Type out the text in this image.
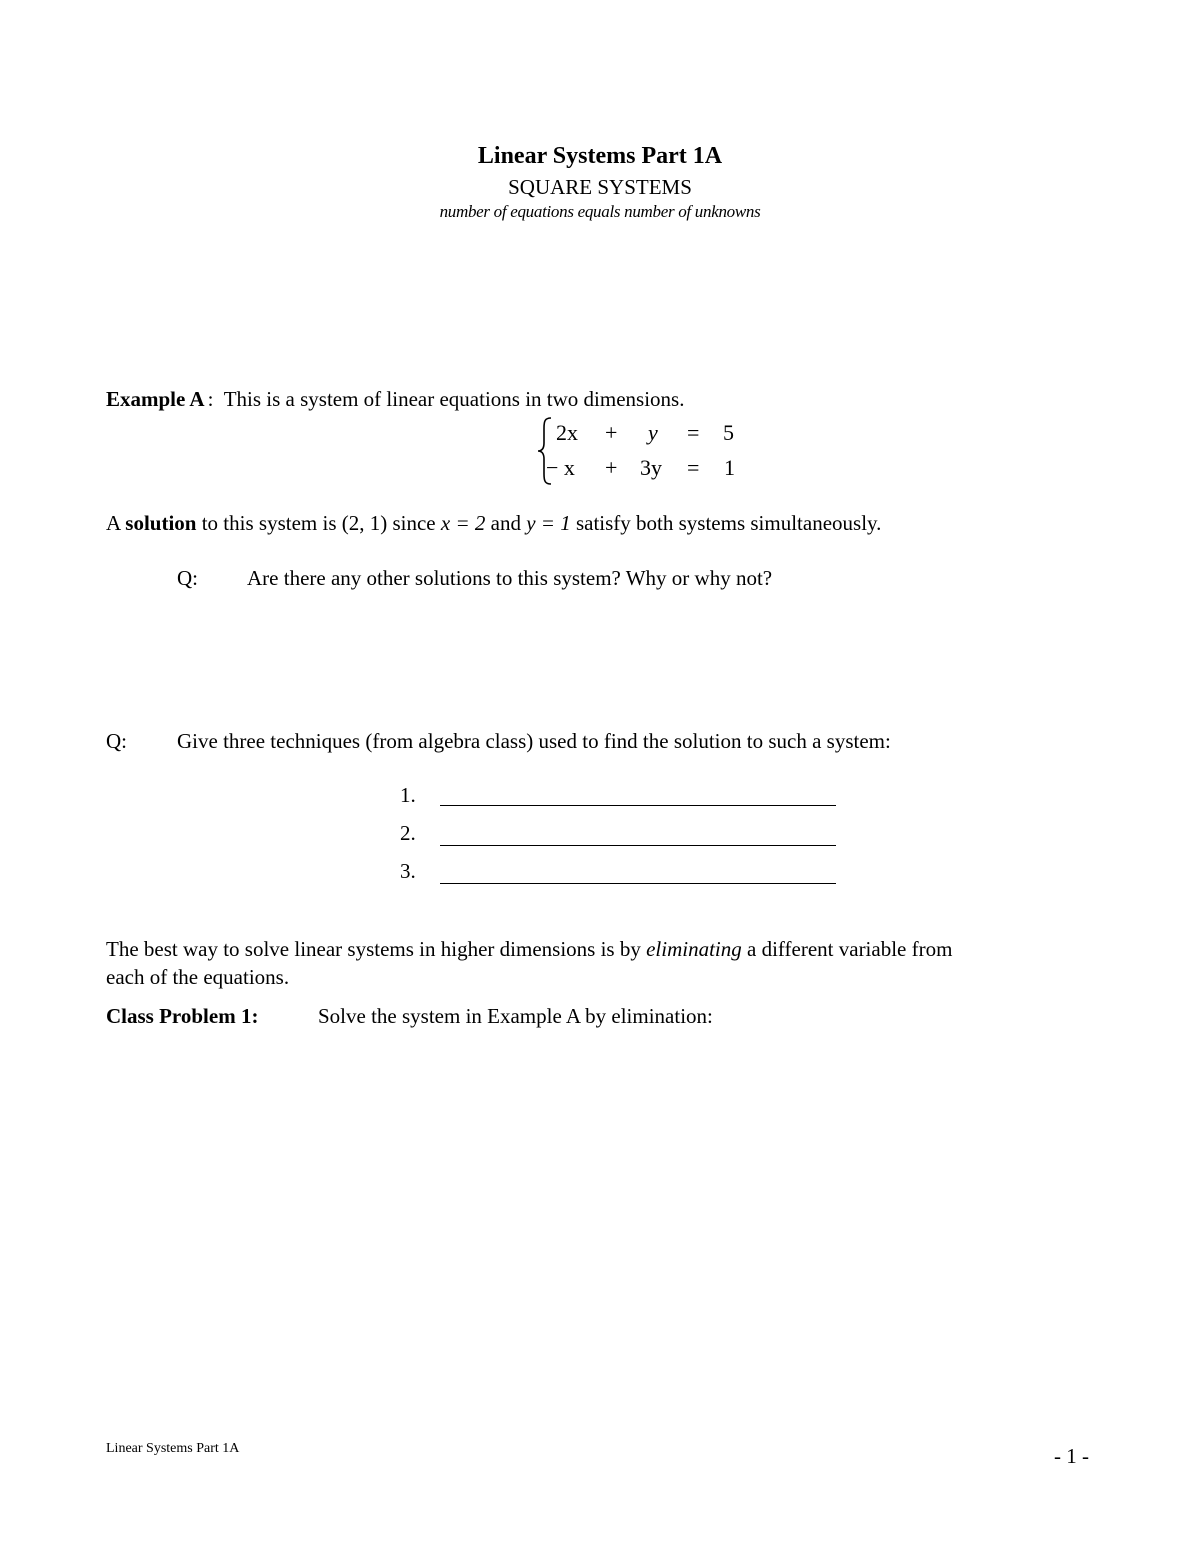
Linear Systems Part 1A
SQUARE SYSTEMS
number of equations equals number of unknowns
Example A : This is a system of linear equations in two dimensions.
2x + y = 5
− x + 3y = 1
A solution to this system is (2, 1) since x = 2 and y = 1 satisfy both systems simultaneously.
Q: Are there any other solutions to this system? Why or why not?
Q: Give three techniques (from algebra class) used to find the solution to such a system:
1.
2.
3.
The best way to solve linear systems in higher dimensions is by eliminating a different variable from
each of the equations.
Class Problem 1:	Solve the system in Example A by elimination:
Linear Systems Part 1A	- 1 -
